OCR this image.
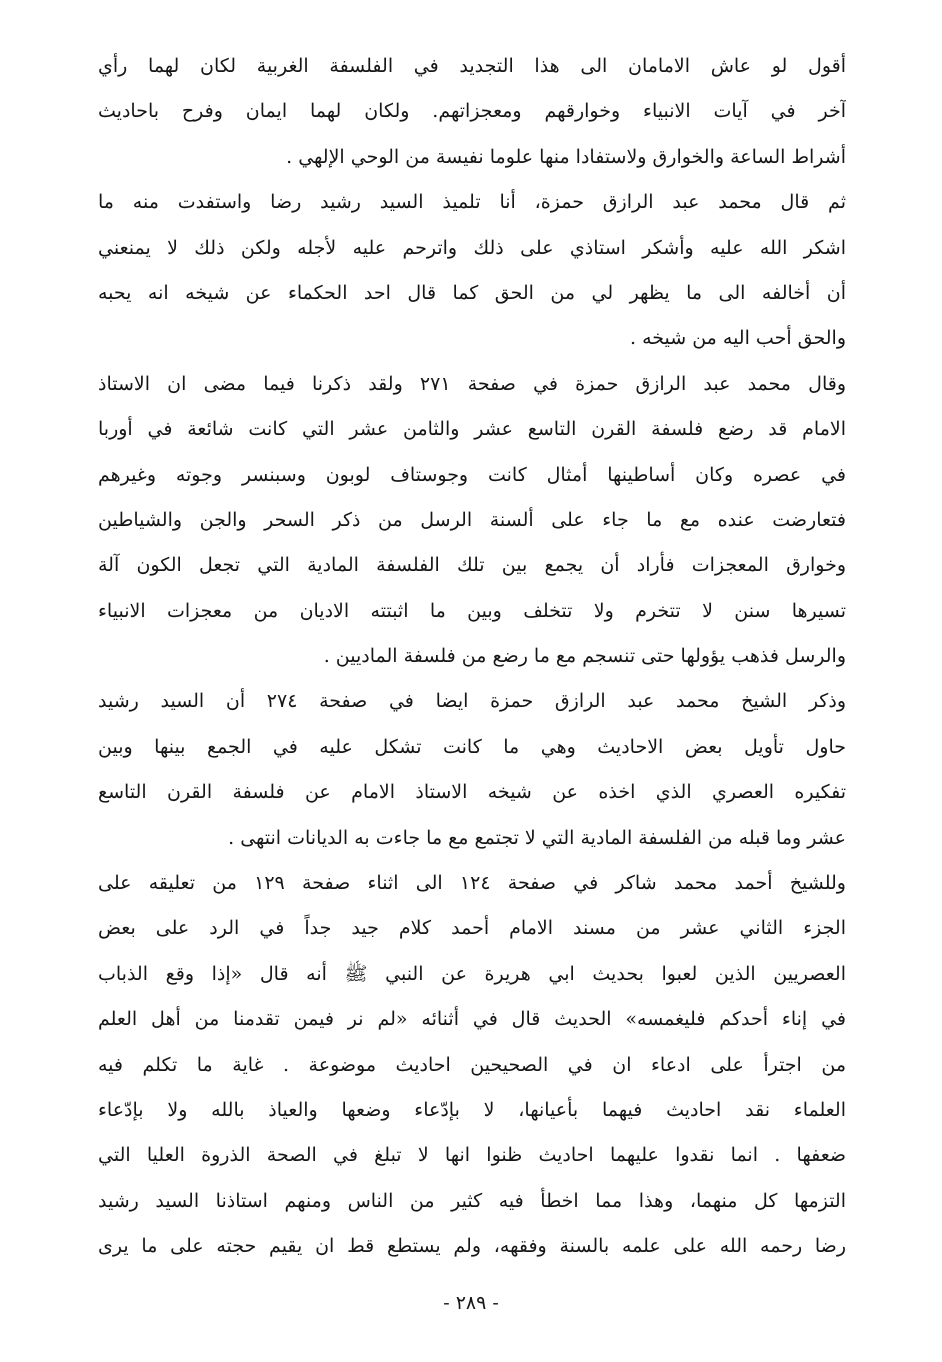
أقول لو عاش الامامان الى هذا التجديد في الفلسفة الغربية لكان لهما رأي
آخر في آيات الانبياء وخوارقهم ومعجزاتهم. ولكان لهما ايمان وفرح باحاديث
أشراط الساعة والخوارق ولاستفادا منها علوما نفيسة من الوحي الإلهي .
ثم قال محمد عبد الرازق حمزة، أنا تلميذ السيد رشيد رضا واستفدت منه ما
اشكر الله عليه وأشكر استاذي على ذلك واترحم عليه لأجله ولكن ذلك لا يمنعني
أن أخالفه الى ما يظهر لي من الحق كما قال احد الحكماء عن شيخه انه يحبه
والحق أحب اليه من شيخه .
وقال محمد عبد الرازق حمزة في صفحة ٢٧١ ولقد ذكرنا فيما مضى ان الاستاذ
الامام قد رضع فلسفة القرن التاسع عشر والثامن عشر التي كانت شائعة في أوربا
في عصره وكان أساطينها أمثال كانت وجوستاف لوبون وسبنسر وجوته وغيرهم
فتعارضت عنده مع ما جاء على ألسنة الرسل من ذكر السحر والجن والشياطين
وخوارق المعجزات فأراد أن يجمع بين تلك الفلسفة المادية التي تجعل الكون آلة
تسيرها سنن لا تتخرم ولا تتخلف وبين ما اثبتته الاديان من معجزات الانبياء
والرسل فذهب يؤولها حتى تنسجم مع ما رضع من فلسفة الماديين .
وذكر الشيخ محمد عبد الرازق حمزة ايضا في صفحة ٢٧٤ أن السيد رشيد
حاول تأويل بعض الاحاديث وهي ما كانت تشكل عليه في الجمع بينها وبين
تفكيره العصري الذي اخذه عن شيخه الاستاذ الامام عن فلسفة القرن التاسع
عشر وما قبله من الفلسفة المادية التي لا تجتمع مع ما جاءت به الديانات انتهى .
وللشيخ أحمد محمد شاكر في صفحة ١٢٤ الى اثناء صفحة ١٢٩ من تعليقه على
الجزء الثاني عشر من مسند الامام أحمد كلام جيد جداً في الرد على بعض
العصريين الذين لعبوا بحديث ابي هريرة عن النبي ﷺ أنه قال «إذا وقع الذباب
في إناء أحدكم فليغمسه» الحديث قال في أثنائه «لم نر فيمن تقدمنا من أهل العلم
من اجترأ على ادعاء ان في الصحيحين احاديث موضوعة . غاية ما تكلم فيه
العلماء نقد احاديث فيهما بأعيانها، لا بإدّعاء وضعها والعياذ بالله ولا بإدّعاء
ضعفها . انما نقدوا عليهما احاديث ظنوا انها لا تبلغ في الصحة الذروة العليا التي
التزمها كل منهما، وهذا مما اخطأ فيه كثير من الناس ومنهم استاذنا السيد رشيد
رضا رحمه الله على علمه بالسنة وفقهه، ولم يستطع قط ان يقيم حجته على ما يرى
- ٢٨٩ -
